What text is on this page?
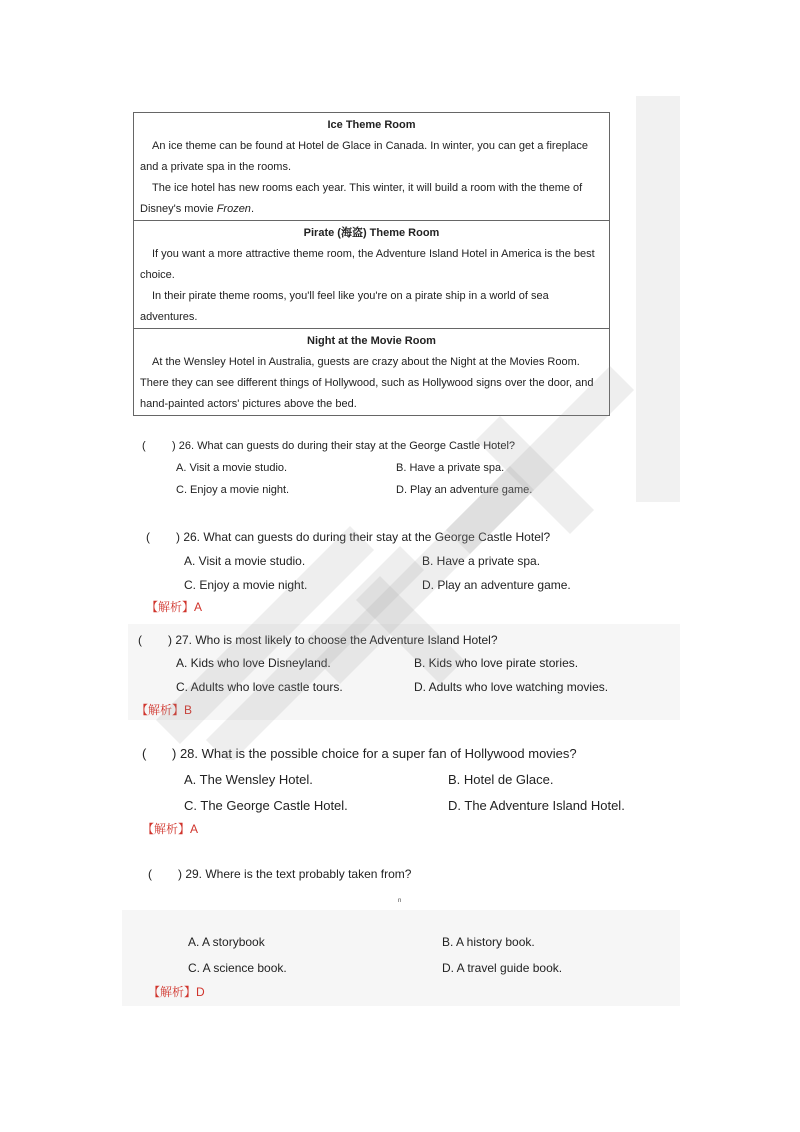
Ice Theme Room
An ice theme can be found at Hotel de Glace in Canada. In winter, you can get a fireplace and a private spa in the rooms.
The ice hotel has new rooms each year. This winter, it will build a room with the theme of Disney's movie Frozen.

Pirate (海盗) Theme Room
If you want a more attractive theme room, the Adventure Island Hotel in America is the best choice.
In their pirate theme rooms, you'll feel like you're on a pirate ship in a world of sea adventures.

Night at the Movie Room
At the Wensley Hotel in Australia, guests are crazy about the Night at the Movies Room. There they can see different things of Hollywood, such as Hollywood signs over the door, and hand-painted actors' pictures above the bed.
( ) 26. What can guests do during their stay at the George Castle Hotel?
A. Visit a movie studio.	B. Have a private spa.
C. Enjoy a movie night.	D. Play an adventure game.
( ) 26. What can guests do during their stay at the George Castle Hotel?
A. Visit a movie studio.	B. Have a private spa.
C. Enjoy a movie night.	D. Play an adventure game.
【解析】A
( ) 27. Who is most likely to choose the Adventure Island Hotel?
A. Kids who love Disneyland.	B. Kids who love pirate stories.
C. Adults who love castle tours.	D. Adults who love watching movies.
【解析】B
( ) 28. What is the possible choice for a super fan of Hollywood movies?
A. The Wensley Hotel.	B. Hotel de Glace.
C. The George Castle Hotel.	D. The Adventure Island Hotel.
【解析】A
( ) 29. Where is the text probably taken from?
n
A. A storybook	B. A history book.
C. A science book.	D. A travel guide book.
【解析】D
